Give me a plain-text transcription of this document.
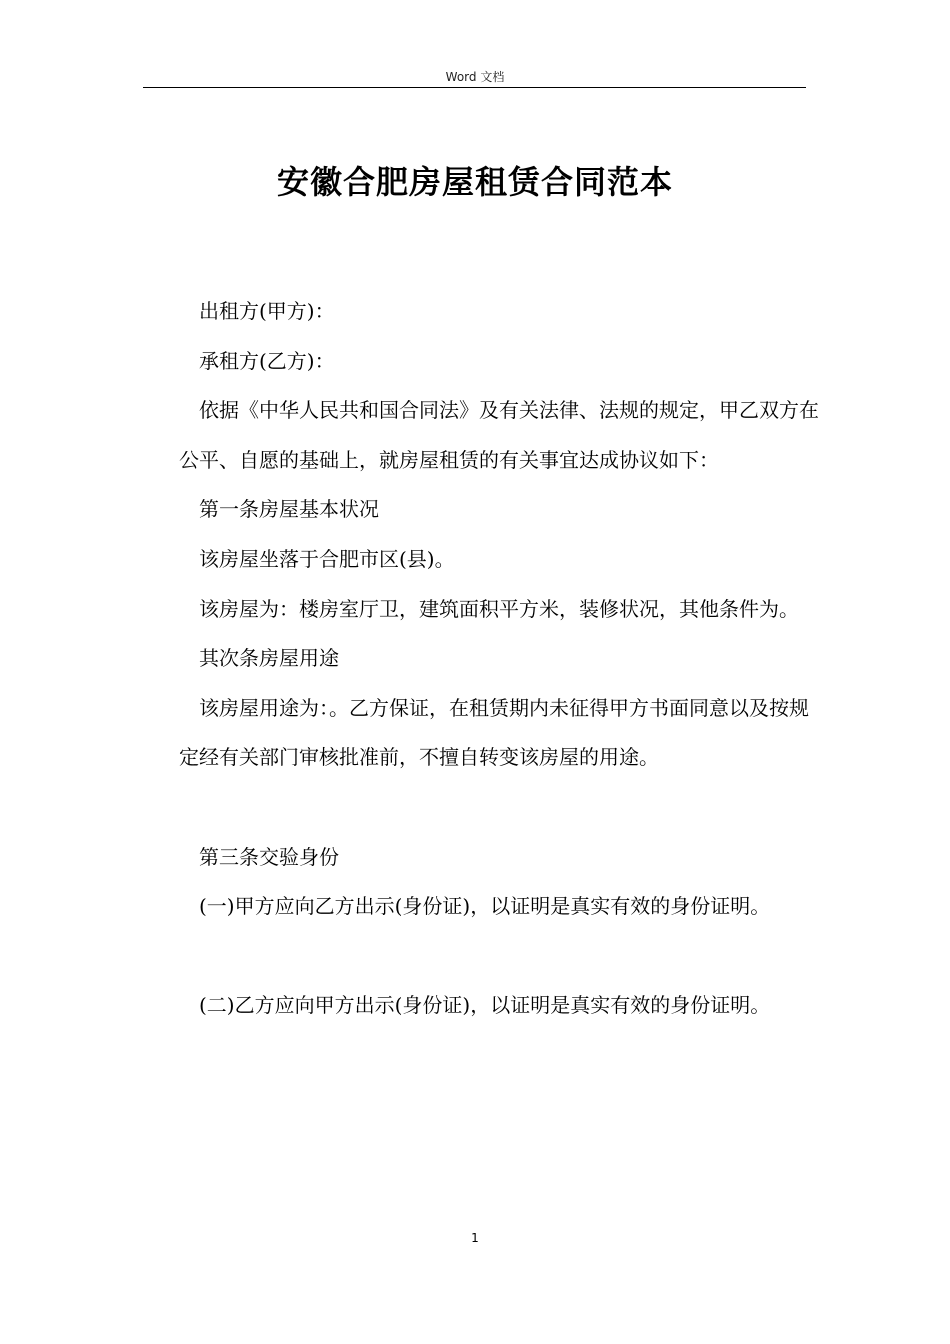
Word 文档
安徽合肥房屋租赁合同范本

出租方(甲方)：

承租方(乙方)：

依据《中华人民共和国合同法》及有关法律、法规的规定，甲乙双方在公平、自愿的基础上，就房屋租赁的有关事宜达成协议如下：

第一条房屋基本状况

该房屋坐落于合肥市区(县)。

该房屋为：楼房室厅卫，建筑面积平方米，装修状况，其他条件为。

其次条房屋用途

该房屋用途为：。乙方保证，在租赁期内未征得甲方书面同意以及按规定经有关部门审核批准前，不擅自转变该房屋的用途。

第三条交验身份

(一)甲方应向乙方出示(身份证)，以证明是真实有效的身份证明。

(二)乙方应向甲方出示(身份证)，以证明是真实有效的身份证明。

1
